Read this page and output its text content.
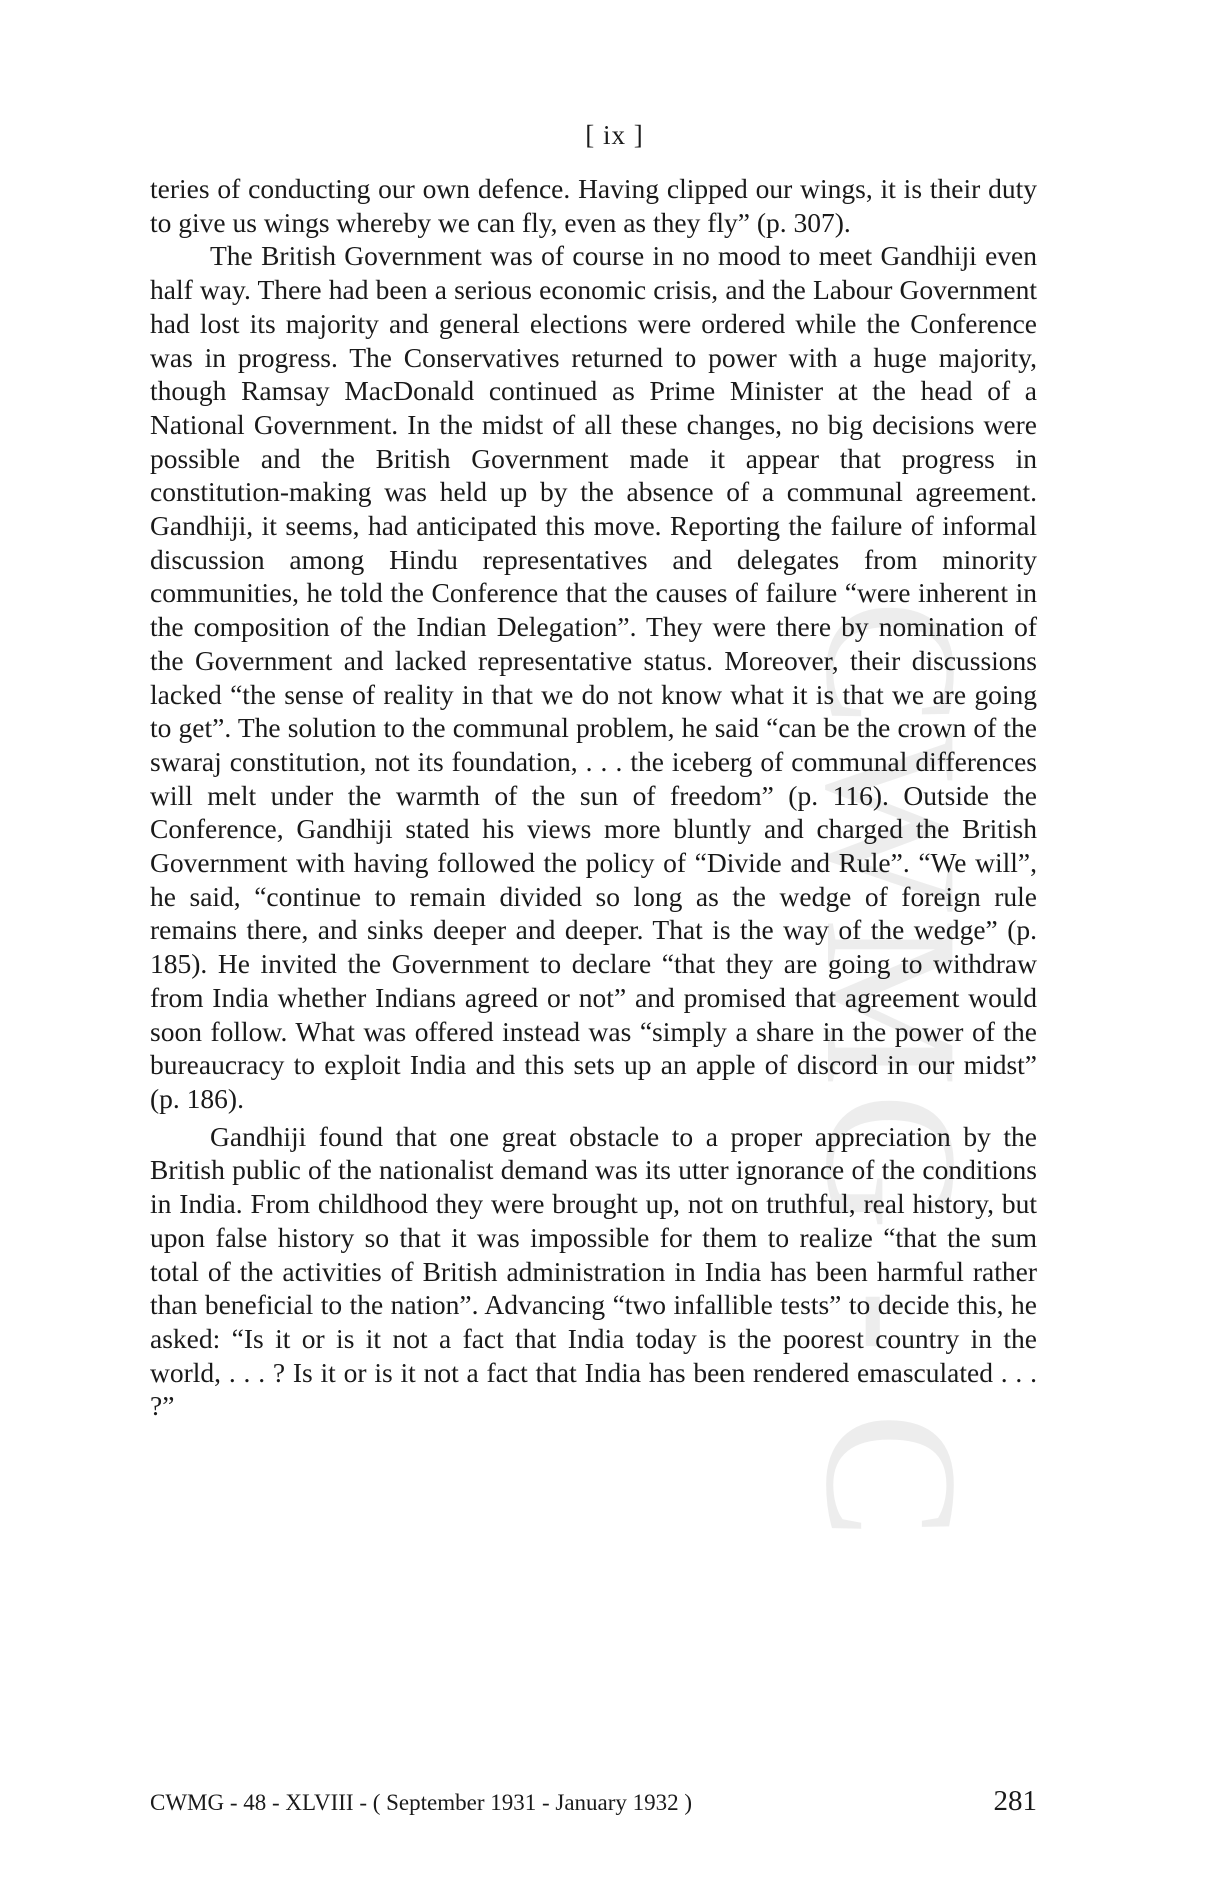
[ ix ]

teries of conducting our own defence. Having clipped our wings, it is their duty to give us wings whereby we can fly, even as they fly” (p. 307).

The British Government was of course in no mood to meet Gandhiji even half way. There had been a serious economic crisis, and the Labour Government had lost its majority and general elections were ordered while the Conference was in progress. The Conservatives returned to power with a huge majority, though Ramsay MacDonald continued as Prime Minister at the head of a National Government. In the midst of all these changes, no big decisions were possible and the British Government made it appear that progress in constitution-making was held up by the absence of a communal agreement. Gandhiji, it seems, had anticipated this move. Reporting the failure of informal discussion among Hindu representatives and delegates from minority communities, he told the Conference that the causes of failure “were inherent in the composition of the Indian Delegation”. They were there by nomination of the Government and lacked representative status. Moreover, their discussions lacked “the sense of reality in that we do not know what it is that we are going to get”. The solution to the communal problem, he said “can be the crown of the swaraj constitution, not its foundation, . . . the iceberg of communal differences will melt under the warmth of the sun of freedom” (p. 116). Outside the Conference, Gandhiji stated his views more bluntly and charged the British Government with having followed the policy of “Divide and Rule”. “We will”, he said, “continue to remain divided so long as the wedge of foreign rule remains there, and sinks deeper and deeper. That is the way of the wedge” (p. 185). He invited the Government to declare “that they are going to withdraw from India whether Indians agreed or not” and promised that agreement would soon follow. What was offered instead was “simply a share in the power of the bureaucracy to exploit India and this sets up an apple of discord in our midst” (p. 186).

Gandhiji found that one great obstacle to a proper appreciation by the British public of the nationalist demand was its utter ignorance of the conditions in India. From childhood they were brought up, not on truthful, real history, but upon false history so that it was impossible for them to realize “that the sum total of the activities of British administration in India has been harmful rather than beneficial to the nation”. Advancing “two infallible tests” to decide this, he asked: “Is it or is it not a fact that India today is the poorest country in the world, . . . ? Is it or is it not a fact that India has been rendered emasculated . . . ?”	CWMG - C
CWMG - 48 - XLVIII - ( September 1931 - January 1932 )	281
